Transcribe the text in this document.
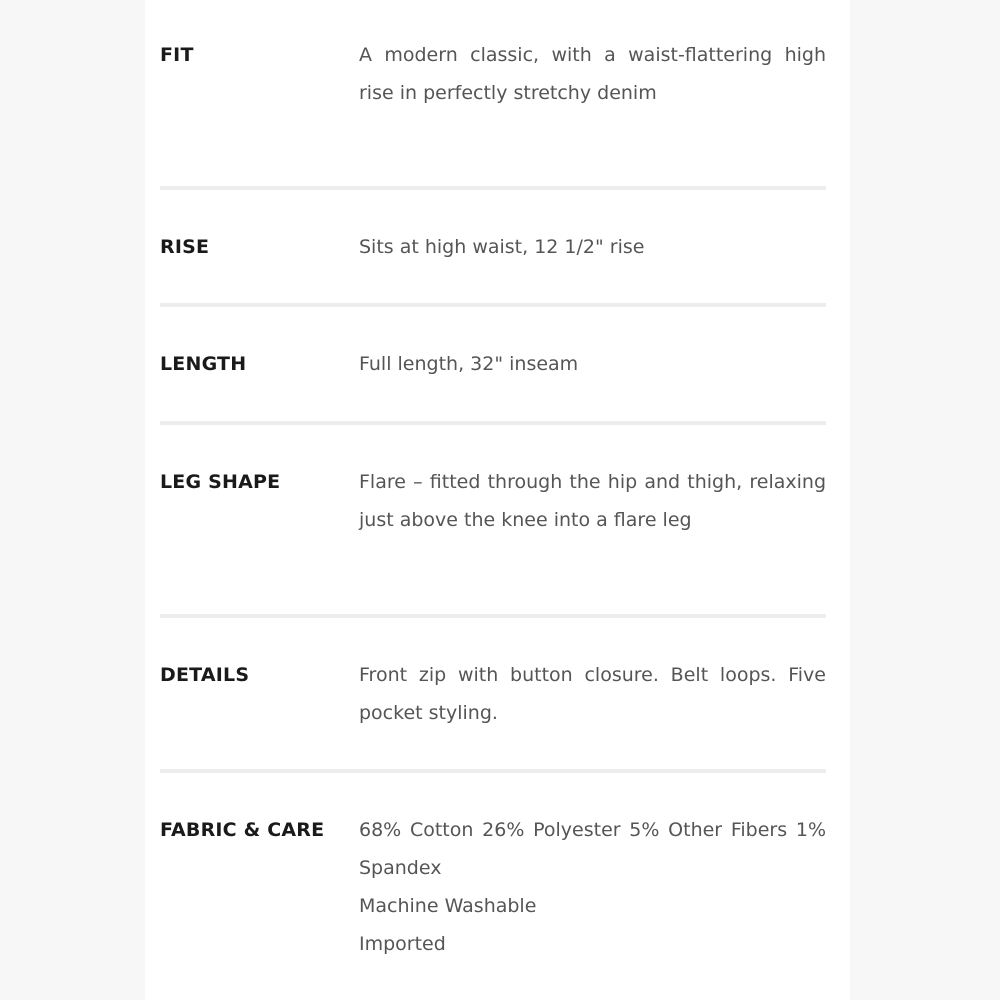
FIT	A modern classic, with a waist-flattering high rise in perfectly stretchy denim
RISE	Sits at high waist, 12 1/2" rise
LENGTH	Full length, 32" inseam
LEG SHAPE	Flare – fitted through the hip and thigh, relaxing just above the knee into a flare leg
DETAILS	Front zip with button closure. Belt loops. Five pocket styling.
FABRIC & CARE	68% Cotton 26% Polyester 5% Other Fibers 1% Spandex
Machine Washable
Imported
